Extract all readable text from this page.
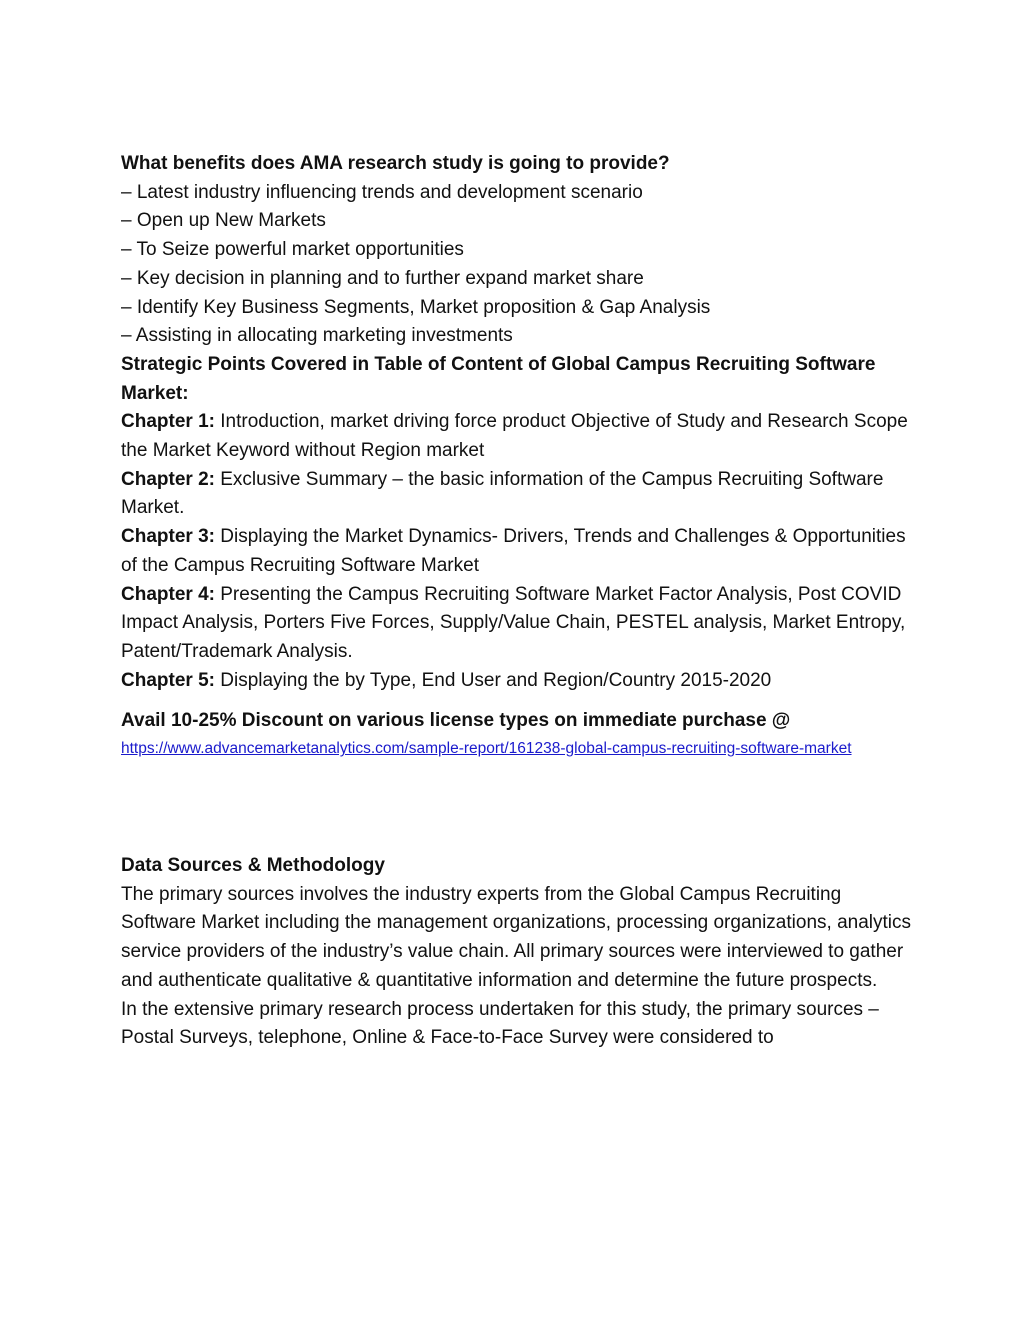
What benefits does AMA research study is going to provide?
– Latest industry influencing trends and development scenario
– Open up New Markets
– To Seize powerful market opportunities
– Key decision in planning and to further expand market share
– Identify Key Business Segments, Market proposition & Gap Analysis
– Assisting in allocating marketing investments
Strategic Points Covered in Table of Content of Global Campus Recruiting Software Market:

Chapter 1: Introduction, market driving force product Objective of Study and Research Scope the Market Keyword without Region market

Chapter 2: Exclusive Summary – the basic information of the Campus Recruiting Software Market.

Chapter 3: Displaying the Market Dynamics- Drivers, Trends and Challenges & Opportunities of the Campus Recruiting Software Market

Chapter 4: Presenting the Campus Recruiting Software Market Factor Analysis, Post COVID Impact Analysis, Porters Five Forces, Supply/Value Chain, PESTEL analysis, Market Entropy, Patent/Trademark Analysis.

Chapter 5: Displaying the by Type, End User and Region/Country 2015-2020

Avail 10-25% Discount on various license types on immediate purchase @
https://www.advancemarketanalytics.com/sample-report/161238-global-campus-recruiting-software-market
Data Sources & Methodology

The primary sources involves the industry experts from the Global Campus Recruiting Software Market including the management organizations, processing organizations, analytics service providers of the industry’s value chain. All primary sources were interviewed to gather and authenticate qualitative & quantitative information and determine the future prospects.

In the extensive primary research process undertaken for this study, the primary sources – Postal Surveys, telephone, Online & Face-to-Face Survey were considered to
